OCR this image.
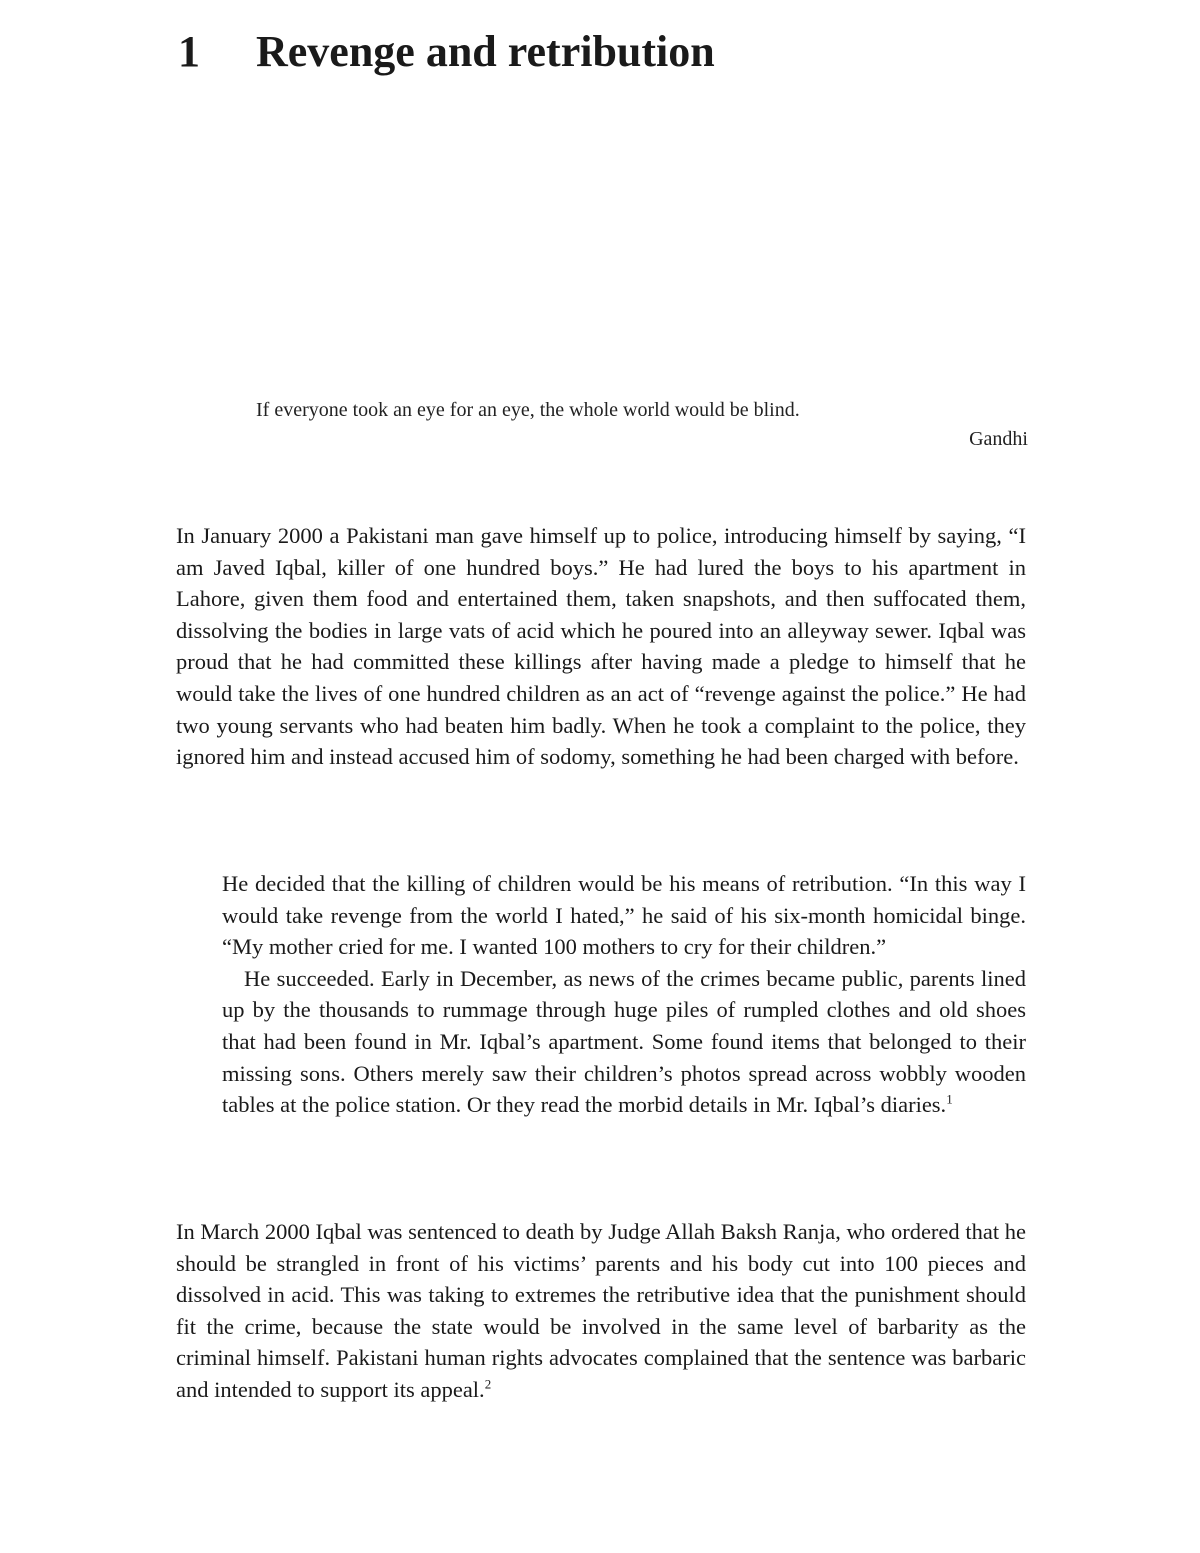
1 Revenge and retribution

If everyone took an eye for an eye, the whole world would be blind.

Gandhi

In January 2000 a Pakistani man gave himself up to police, introducing himself by saying, “I am Javed Iqbal, killer of one hundred boys.” He had lured the boys to his apartment in Lahore, given them food and entertained them, taken snapshots, and then suffocated them, dissolving the bodies in large vats of acid which he poured into an alleyway sewer. Iqbal was proud that he had committed these killings after having made a pledge to himself that he would take the lives of one hundred children as an act of “revenge against the police.” He had two young servants who had beaten him badly. When he took a complaint to the police, they ignored him and instead accused him of sodomy, something he had been charged with before.

He decided that the killing of children would be his means of retribution. “In this way I would take revenge from the world I hated,” he said of his six-month homicidal binge. “My mother cried for me. I wanted 100 mothers to cry for their children.”

He succeeded. Early in December, as news of the crimes became public, parents lined up by the thousands to rummage through huge piles of rumpled clothes and old shoes that had been found in Mr. Iqbal’s apartment. Some found items that belonged to their missing sons. Others merely saw their children’s photos spread across wobbly wooden tables at the police station. Or they read the morbid details in Mr. Iqbal’s diaries.$^1$

In March 2000 Iqbal was sentenced to death by Judge Allah Baksh Ranja, who ordered that he should be strangled in front of his victims’ parents and his body cut into 100 pieces and dissolved in acid. This was taking to extremes the retributive idea that the punishment should fit the crime, because the state would be involved in the same level of barbarity as the criminal himself. Pakistani human rights advocates complained that the sentence was barbaric and intended to support its appeal.$^2$
